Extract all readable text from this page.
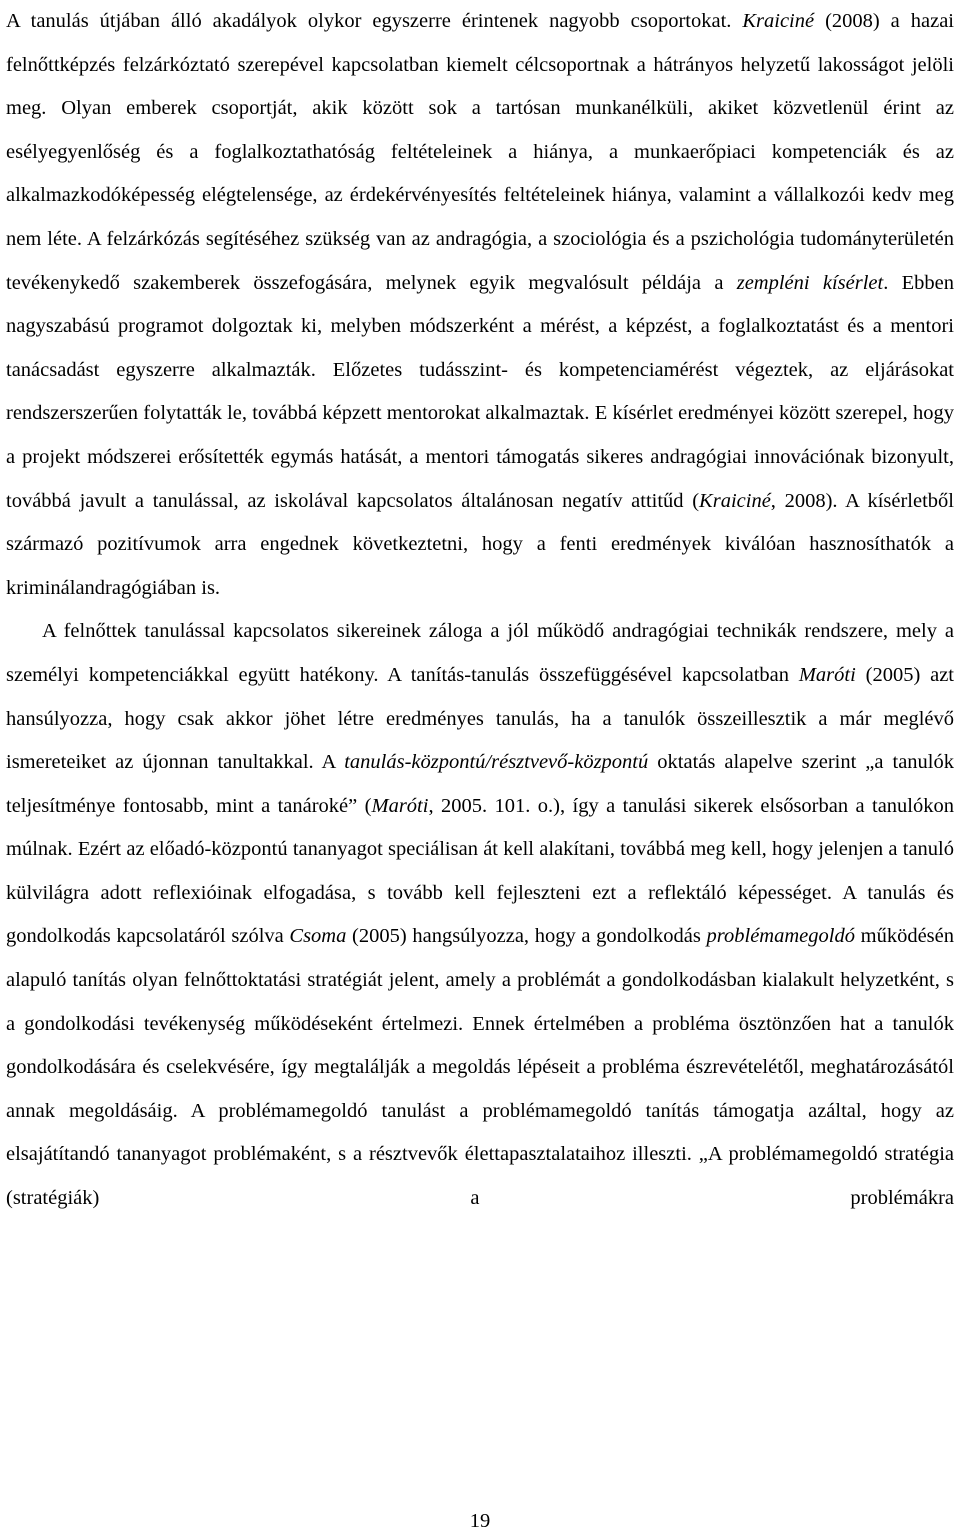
A tanulás útjában álló akadályok olykor egyszerre érintenek nagyobb csoportokat. Kraiciné (2008) a hazai felnőttképzés felzárkóztató szerepével kapcsolatban kiemelt célcsoportnak a hátrányos helyzetű lakosságot jelöli meg. Olyan emberek csoportját, akik között sok a tartósan munkanélküli, akiket közvetlenül érint az esélyegyenlőség és a foglalkoztathatóság feltételeinek a hiánya, a munkaerőpiaci kompetenciák és az alkalmazkodóképesség elégtelensége, az érdekérvényesítés feltételeinek hiánya, valamint a vállalkozói kedv meg nem léte. A felzárkózás segítéséhez szükség van az andragógia, a szociológia és a pszichológia tudományterületén tevékenykedő szakemberek összefogására, melynek egyik megvalósult példája a zempléni kísérlet. Ebben nagyszabású programot dolgoztak ki, melyben módszerként a mérést, a képzést, a foglalkoztatást és a mentori tanácsadást egyszerre alkalmazták. Előzetes tudásszint- és kompetenciamérést végeztek, az eljárásokat rendszerszerűen folytatták le, továbbá képzett mentorokat alkalmaztak. E kísérlet eredményei között szerepel, hogy a projekt módszerei erősítették egymás hatását, a mentori támogatás sikeres andragógiai innovációnak bizonyult, továbbá javult a tanulással, az iskolával kapcsolatos általánosan negatív attitűd (Kraiciné, 2008). A kísérletből származó pozitívumok arra engednek következtetni, hogy a fenti eredmények kiválóan hasznosíthatók a kriminálandragógiában is.

A felnőttek tanulással kapcsolatos sikereinek záloga a jól működő andragógiai technikák rendszere, mely a személyi kompetenciákkal együtt hatékony. A tanítás-tanulás összefüggésével kapcsolatban Maróti (2005) azt hansúlyozza, hogy csak akkor jöhet létre eredményes tanulás, ha a tanulók összeillesztik a már meglévő ismereteiket az újonnan tanultakkal. A tanulás-központú/résztvevő-központú oktatás alapelve szerint „a tanulók teljesítménye fontosabb, mint a tanároké” (Maróti, 2005. 101. o.), így a tanulási sikerek elsősorban a tanulókon múlnak. Ezért az előadó-központú tananyagot speciálisan át kell alakítani, továbbá meg kell, hogy jelenjen a tanuló külvilágra adott reflexióinak elfogadása, s tovább kell fejleszteni ezt a reflektáló képességet. A tanulás és gondolkodás kapcsolatáról szólva Csoma (2005) hangsúlyozza, hogy a gondolkodás problémamegoldó működésén alapuló tanítás olyan felnőttoktatási stratégiát jelent, amely a problémát a gondolkodásban kialakult helyzetként, s a gondolkodási tevékenység működéseként értelmezi. Ennek értelmében a probléma ösztönzően hat a tanulók gondolkodására és cselekvésére, így megtalálják a megoldás lépéseit a probléma észrevételétől, meghatározásától annak megoldásáig. A problémamegoldó tanulást a problémamegoldó tanítás támogatja azáltal, hogy az elsajátítandó tananyagot problémaként, s a résztvevők élettapasztalataihoz illeszti. „A problémamegoldó stratégia (stratégiák) a problémákra

19
